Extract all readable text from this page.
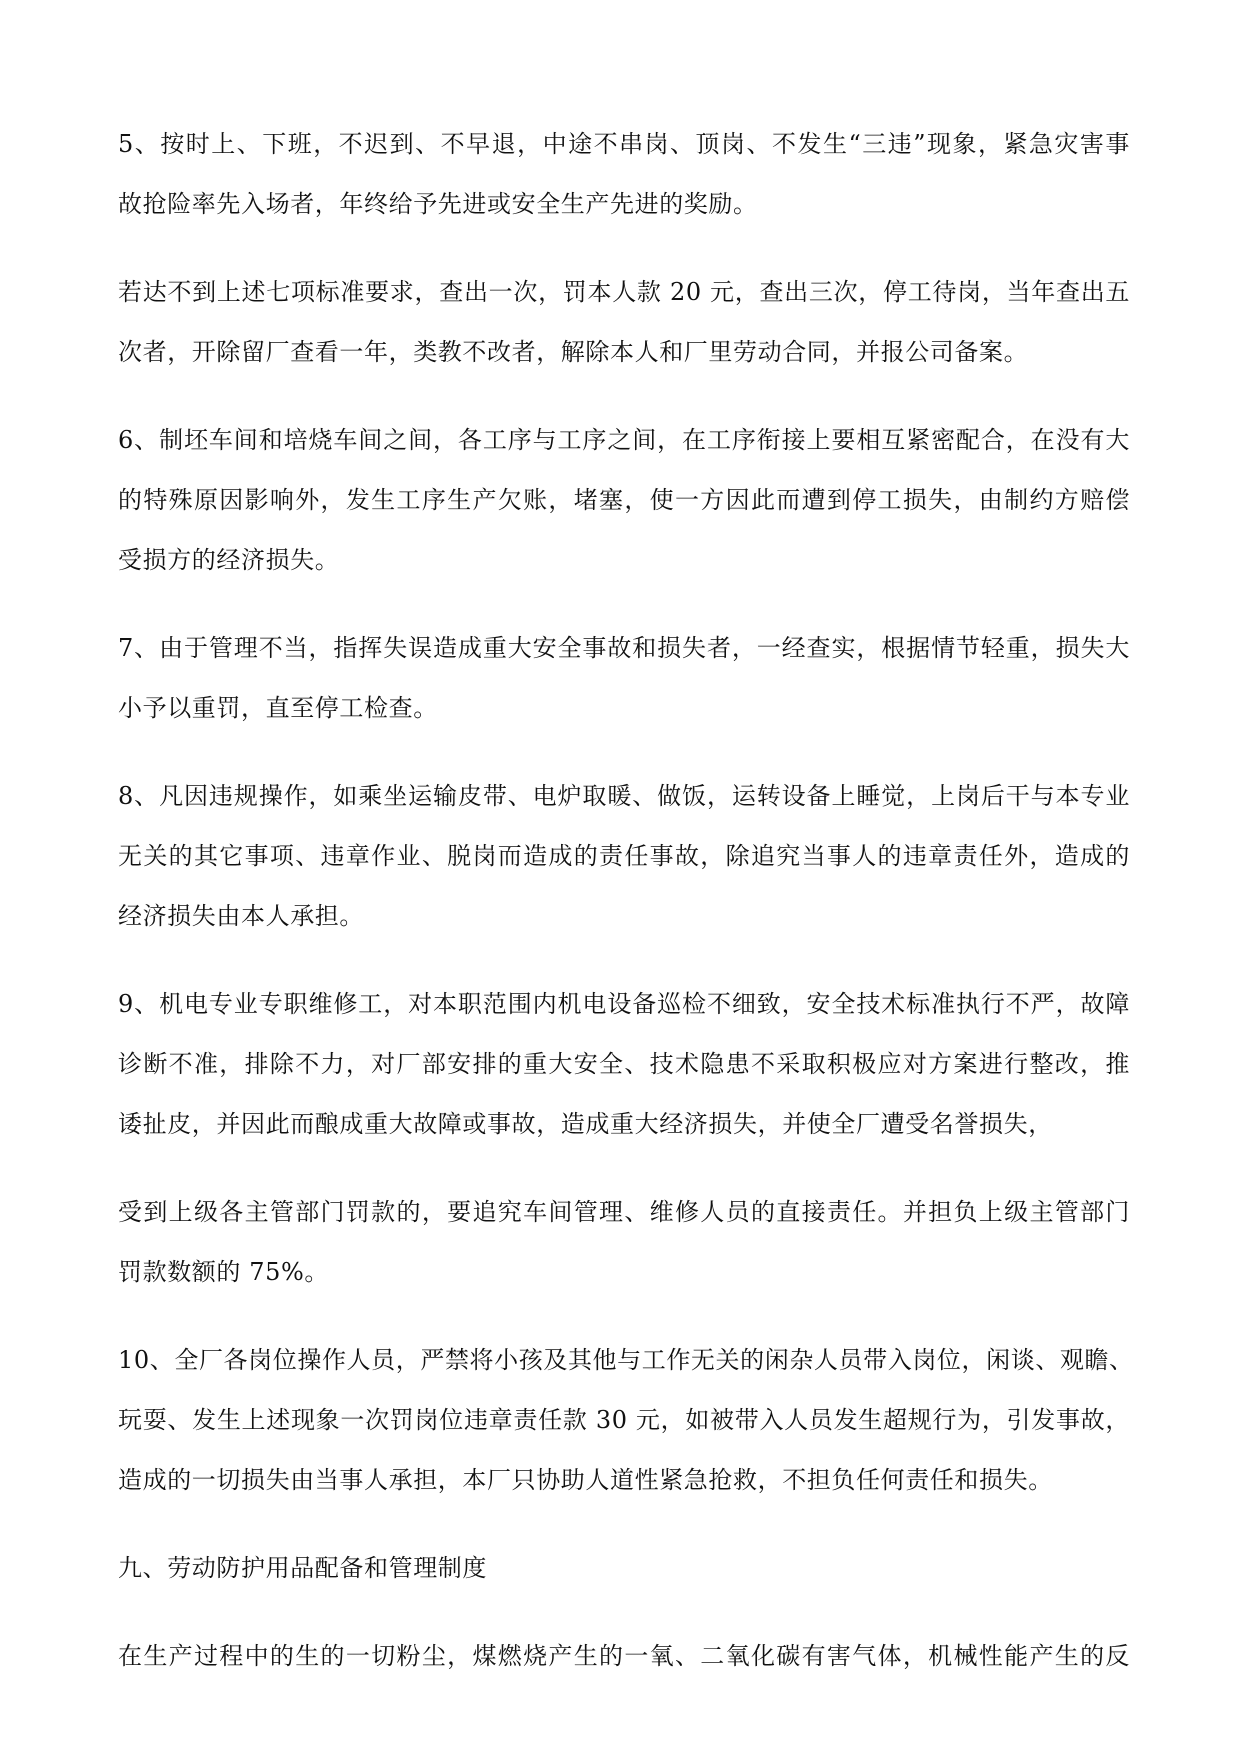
5、按时上、下班，不迟到、不早退，中途不串岗、顶岗、不发生“三违”现象，紧急灾害事
故抢险率先入场者，年终给予先进或安全生产先进的奖励。
若达不到上述七项标准要求，查出一次，罚本人款 20 元，查出三次，停工待岗，当年查出五
次者，开除留厂查看一年，类教不改者，解除本人和厂里劳动合同，并报公司备案。
6、制坯车间和培烧车间之间，各工序与工序之间，在工序衔接上要相互紧密配合，在没有大
的特殊原因影响外，发生工序生产欠账，堵塞，使一方因此而遭到停工损失，由制约方赔偿
受损方的经济损失。
7、由于管理不当，指挥失误造成重大安全事故和损失者，一经查实，根据情节轻重，损失大
小予以重罚，直至停工检查。
8、凡因违规操作，如乘坐运输皮带、电炉取暖、做饭，运转设备上睡觉，上岗后干与本专业
无关的其它事项、违章作业、脱岗而造成的责任事故，除追究当事人的违章责任外，造成的
经济损失由本人承担。
9、机电专业专职维修工，对本职范围内机电设备巡检不细致，安全技术标准执行不严，故障
诊断不准，排除不力，对厂部安排的重大安全、技术隐患不采取积极应对方案进行整改，推
诿扯皮，并因此而酿成重大故障或事故，造成重大经济损失，并使全厂遭受名誉损失，
受到上级各主管部门罚款的，要追究车间管理、维修人员的直接责任。并担负上级主管部门
罚款数额的 75%。
10、全厂各岗位操作人员，严禁将小孩及其他与工作无关的闲杂人员带入岗位，闲谈、观瞻、
玩耍、发生上述现象一次罚岗位违章责任款 30 元，如被带入人员发生超规行为，引发事故，
造成的一切损失由当事人承担，本厂只协助人道性紧急抢救，不担负任何责任和损失。
九、劳动防护用品配备和管理制度
在生产过程中的生的一切粉尘，煤燃烧产生的一氧、二氧化碳有害气体，机械性能产生的反
